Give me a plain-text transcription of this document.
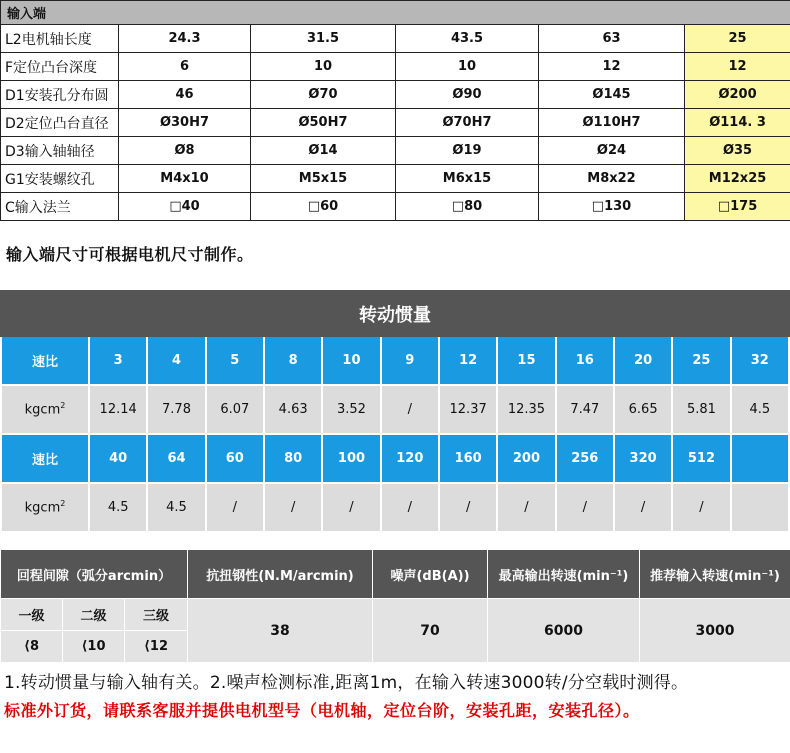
输入端					
L2电机轴长度	24.3	31.5	43.5	63	25
F定位凸台深度	6	10	10	12	12
D1安装孔分布圆	46	Ø70	Ø90	Ø145	Ø200
D2定位凸台直径	Ø30H7	Ø50H7	Ø70H7	Ø110H7	Ø114. 3
D3输入轴轴径	Ø8	Ø14	Ø19	Ø24	Ø35
G1安装螺纹孔	M4x10	M5x15	M6x15	M8x22	M12x25
C输入法兰	□40	□60	□80	□130	□175
输入端尺寸可根据电机尺寸制作。
转动惯量
速比	3	4	5	8	10	9	12	15	16	20	25	32

kgcm$^2$	12.14	7.78	6.07	4.63	3.52	/	12.37	12.35	7.47	6.65	5.81	4.5

速比	40	64	60	80	100	120	160	200	256	320	512	

kgcm$^2$	4.5	4.5	/	/	/	/	/	/	/	/	/	
回程间隙（弧分arcmin）			抗扭钢性(N.M/arcmin)	噪声(dB(A))	最高输出转速(min⁻¹)	推荐输入转速(min⁻¹)
一级	二级	三级	38	70	6000	3000
⟨8	⟨10	⟨12				
1.转动惯量与输入轴有关。2.噪声检测标准,距离1m，在输入转速3000转/分空载时测得。
标准外订货，请联系客服并提供电机型号（电机轴，定位台阶，安装孔距，安装孔径）。
